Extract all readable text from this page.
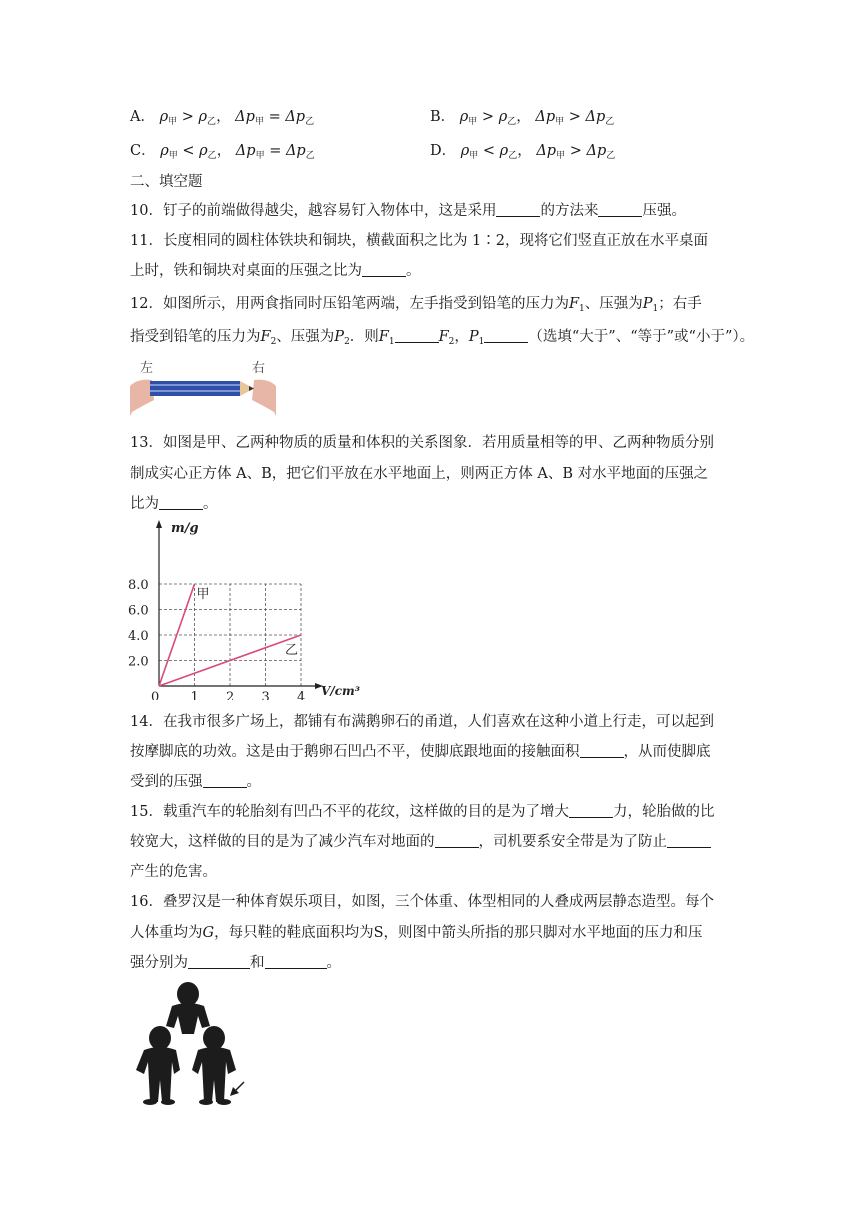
A． $\rho_甲 > \rho_乙$， $\Delta p_甲 = \Delta p_乙$	B． $\rho_甲 > \rho_乙$， $\Delta p_甲 > \Delta p_乙$
C． $\rho_甲 < \rho_乙$， $\Delta p_甲 = \Delta p_乙$	D． $\rho_甲 < \rho_乙$， $\Delta p_甲 > \Delta p_乙$
二、填空题
10．钉子的前端做得越尖，越容易钉入物体中，这是采用	的方法来	压强。
11．长度相同的圆柱体铁块和铜块，横截面积之比为 1∶2，现将它们竖直正放在水平桌面
上时，铁和铜块对桌面的压强之比为	。
12．如图所示，用两食指同时压铅笔两端，左手指受到铅笔的压力为$F_1$、压强为$P_1$；右手
指受到铅笔的压力为$F_2$、压强为$P_2$．则$F_1$	$F_2$，$P_1$	（选填“大于”、“等于”或“小于”）。
左	右
13．如图是甲、乙两种物质的质量和体积的关系图象．若用质量相等的甲、乙两种物质分别
制成实心正方体 A、B，把它们平放在水平地面上，则两正方体 A、B 对水平地面的压强之
比为	。
m/g
V/cm³
0 1 2 3 4
2.0
4.0
6.0
8.0
甲
乙
14．在我市很多广场上，都铺有布满鹅卵石的甬道，人们喜欢在这种小道上行走，可以起到
按摩脚底的功效。这是由于鹅卵石凹凸不平，使脚底跟地面的接触面积	，从而使脚底
受到的压强	。
15．载重汽车的轮胎刻有凹凸不平的花纹，这样做的目的是为了增大	力，轮胎做的比
较宽大，这样做的目的是为了减少汽车对地面的	，司机要系安全带是为了防止
产生的危害。
16．叠罗汉是一种体育娱乐项目，如图，三个体重、体型相同的人叠成两层静态造型。每个
人体重均为G，每只鞋的鞋底面积均为S，则图中箭头所指的那只脚对水平地面的压力和压
强分别为	和	。
